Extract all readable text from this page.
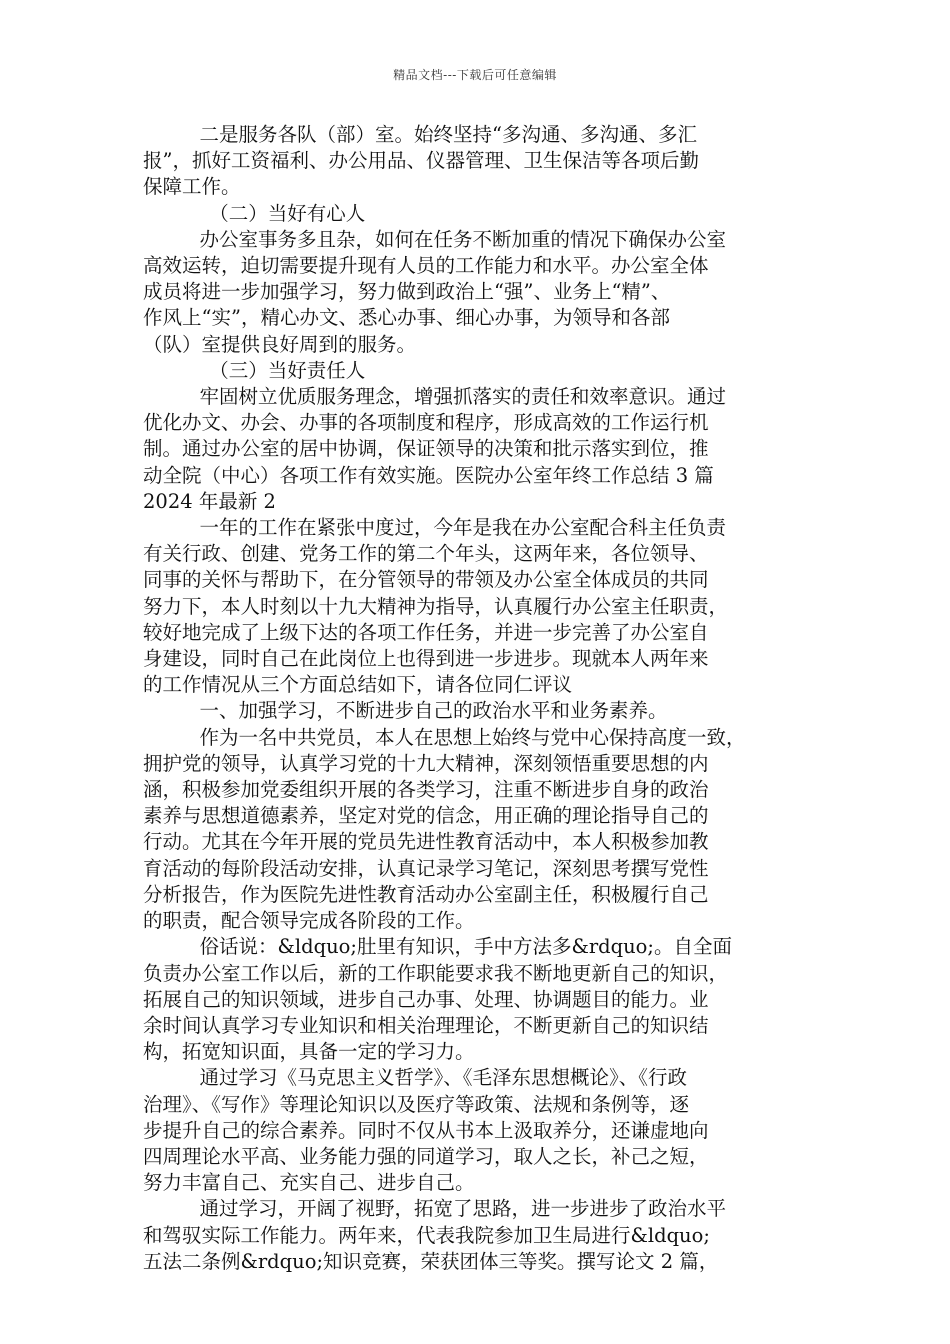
精品文档---下载后可任意编辑

二是服务各队（部）室。始终坚持“多沟通、多沟通、多汇
报”，抓好工资福利、办公用品、仪器管理、卫生保洁等各项后勤
保障工作。

（二）当好有心人

办公室事务多且杂，如何在任务不断加重的情况下确保办公室
高效运转，迫切需要提升现有人员的工作能力和水平。办公室全体
成员将进一步加强学习，努力做到政治上“强”、业务上“精”、
作风上“实”，精心办文、悉心办事、细心办事，为领导和各部
（队）室提供良好周到的服务。

（三）当好责任人

牢固树立优质服务理念，增强抓落实的责任和效率意识。通过
优化办文、办会、办事的各项制度和程序，形成高效的工作运行机
制。通过办公室的居中协调，保证领导的决策和批示落实到位，推
动全院（中心）各项工作有效实施。医院办公室年终工作总结 3 篇
2024 年最新 2

一年的工作在紧张中度过，今年是我在办公室配合科主任负责
有关行政、创建、党务工作的第二个年头，这两年来，各位领导、
同事的关怀与帮助下，在分管领导的带领及办公室全体成员的共同
努力下，本人时刻以十九大精神为指导，认真履行办公室主任职责，
较好地完成了上级下达的各项工作任务，并进一步完善了办公室自
身建设，同时自己在此岗位上也得到进一步进步。现就本人两年来
的工作情况从三个方面总结如下，请各位同仁评议

一、加强学习，不断进步自己的政治水平和业务素养。

作为一名中共党员，本人在思想上始终与党中心保持高度一致，
拥护党的领导，认真学习党的十九大精神，深刻领悟重要思想的内
涵，积极参加党委组织开展的各类学习，注重不断进步自身的政治
素养与思想道德素养，坚定对党的信念，用正确的理论指导自己的
行动。尤其在今年开展的党员先进性教育活动中，本人积极参加教
育活动的每阶段活动安排，认真记录学习笔记，深刻思考撰写党性
分析报告，作为医院先进性教育活动办公室副主任，积极履行自己
的职责，配合领导完成各阶段的工作。

俗话说：&ldquo;肚里有知识，手中方法多&rdquo;。自全面
负责办公室工作以后，新的工作职能要求我不断地更新自己的知识，
拓展自己的知识领域，进步自己办事、处理、协调题目的能力。业
余时间认真学习专业知识和相关治理理论，不断更新自己的知识结
构，拓宽知识面，具备一定的学习力。

通过学习《马克思主义哲学》、《毛泽东思想概论》、《行政
治理》、《写作》等理论知识以及医疗等政策、法规和条例等，逐
步提升自己的综合素养。同时不仅从书本上汲取养分，还谦虚地向
四周理论水平高、业务能力强的同道学习，取人之长，补己之短，
努力丰富自己、充实自己、进步自己。

通过学习，开阔了视野，拓宽了思路，进一步进步了政治水平
和驾驭实际工作能力。两年来，代表我院参加卫生局进行&ldquo;
五法二条例&rdquo;知识竞赛，荣获团体三等奖。撰写论文 2 篇，
